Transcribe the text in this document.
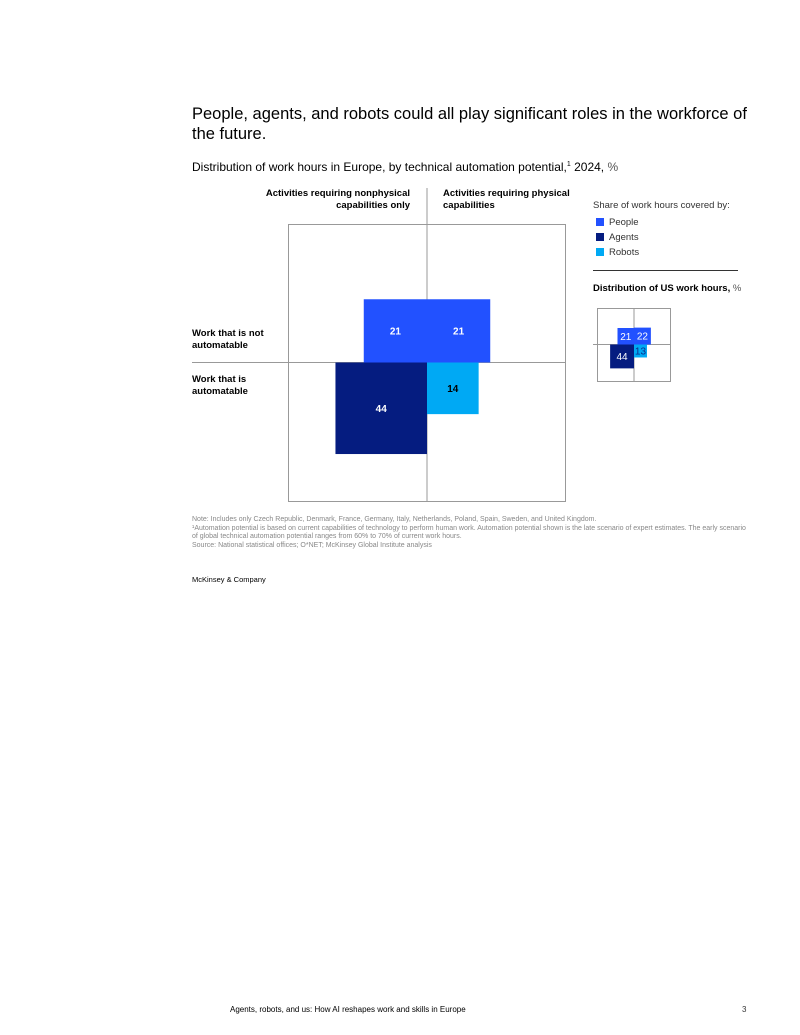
People, agents, and robots could all play significant roles in the workforce of the future.
Distribution of work hours in Europe, by technical automation potential,$^1$ 2024, %
Activities requiring nonphysical capabilities only
Activities requiring physical capabilities
Work that is not automatable
Work that is automatable
21	21
44
14
Share of work hours covered by:
People
Agents
Robots
Distribution of US work hours, %
21 22
44 13
Note: Includes only Czech Republic, Denmark, France, Germany, Italy, Netherlands, Poland, Spain, Sweden, and United Kingdom.
¹Automation potential is based on current capabilities of technology to perform human work. Automation potential shown is the late scenario of expert estimates. The early scenario of global technical automation potential ranges from 60% to 70% of current work hours.
Source: National statistical offices; O*NET; McKinsey Global Institute analysis
McKinsey & Company
Agents, robots, and us: How AI reshapes work and skills in Europe	3
